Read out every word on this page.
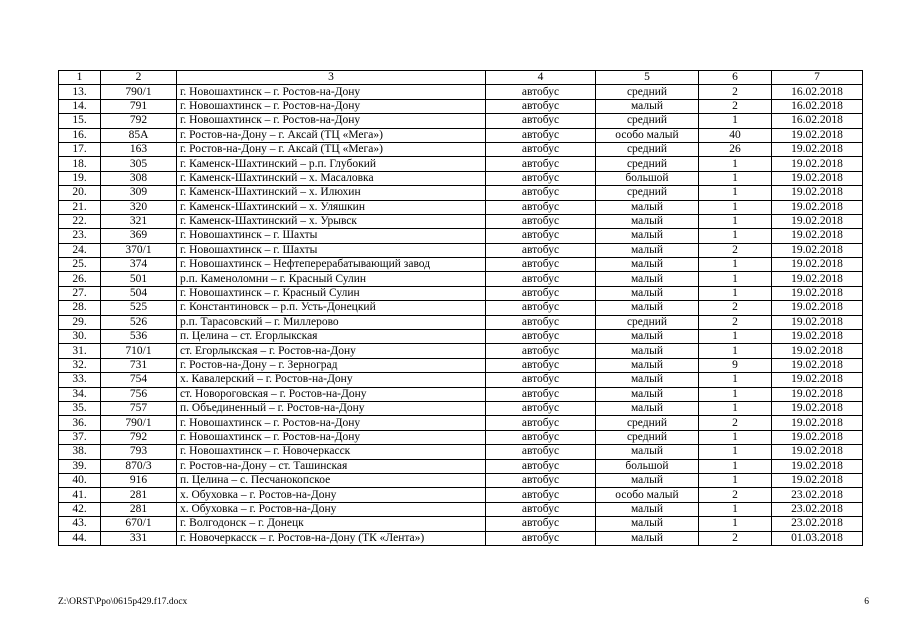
1	2	3	4	5	6	7
13.	790/1	г. Новошахтинск – г. Ростов-на-Дону	автобус	средний	2	16.02.2018
14.	791	г. Новошахтинск – г. Ростов-на-Дону	автобус	малый	2	16.02.2018
15.	792	г. Новошахтинск – г. Ростов-на-Дону	автобус	средний	1	16.02.2018
16.	85А	г. Ростов-на-Дону – г. Аксай (ТЦ «Мега»)	автобус	особо малый	40	19.02.2018
17.	163	г. Ростов-на-Дону – г. Аксай (ТЦ «Мега»)	автобус	средний	26	19.02.2018
18.	305	г. Каменск-Шахтинский – р.п. Глубокий	автобус	средний	1	19.02.2018
19.	308	г. Каменск-Шахтинский – х. Масаловка	автобус	большой	1	19.02.2018
20.	309	г. Каменск-Шахтинский – х. Илюхин	автобус	средний	1	19.02.2018
21.	320	г. Каменск-Шахтинский – х. Уляшкин	автобус	малый	1	19.02.2018
22.	321	г. Каменск-Шахтинский – х. Урывск	автобус	малый	1	19.02.2018
23.	369	г. Новошахтинск – г. Шахты	автобус	малый	1	19.02.2018
24.	370/1	г. Новошахтинск – г. Шахты	автобус	малый	2	19.02.2018
25.	374	г. Новошахтинск – Нефтеперерабатывающий завод	автобус	малый	1	19.02.2018
26.	501	р.п. Каменоломни – г. Красный Сулин	автобус	малый	1	19.02.2018
27.	504	г. Новошахтинск – г. Красный Сулин	автобус	малый	1	19.02.2018
28.	525	г. Константиновск – р.п. Усть-Донецкий	автобус	малый	2	19.02.2018
29.	526	р.п. Тарасовский – г. Миллерово	автобус	средний	2	19.02.2018
30.	536	п. Целина – ст. Егорлыкская	автобус	малый	1	19.02.2018
31.	710/1	ст. Егорлыкская – г. Ростов-на-Дону	автобус	малый	1	19.02.2018
32.	731	г. Ростов-на-Дону – г. Зерноград	автобус	малый	9	19.02.2018
33.	754	х. Кавалерский – г. Ростов-на-Дону	автобус	малый	1	19.02.2018
34.	756	ст. Новороговская – г. Ростов-на-Дону	автобус	малый	1	19.02.2018
35.	757	п. Объединенный – г. Ростов-на-Дону	автобус	малый	1	19.02.2018
36.	790/1	г. Новошахтинск – г. Ростов-на-Дону	автобус	средний	2	19.02.2018
37.	792	г. Новошахтинск – г. Ростов-на-Дону	автобус	средний	1	19.02.2018
38.	793	г. Новошахтинск – г. Новочеркасск	автобус	малый	1	19.02.2018
39.	870/3	г. Ростов-на-Дону – ст. Ташинская	автобус	большой	1	19.02.2018
40.	916	п. Целина – с. Песчанокопское	автобус	малый	1	19.02.2018
41.	281	х. Обуховка – г. Ростов-на-Дону	автобус	особо малый	2	23.02.2018
42.	281	х. Обуховка – г. Ростов-на-Дону	автобус	малый	1	23.02.2018
43.	670/1	г. Волгодонск – г. Донецк	автобус	малый	1	23.02.2018
44.	331	г. Новочеркасск – г. Ростов-на-Дону (ТК «Лента»)	автобус	малый	2	01.03.2018
Z:\ORST\Ppo\0615p429.f17.docx	6
